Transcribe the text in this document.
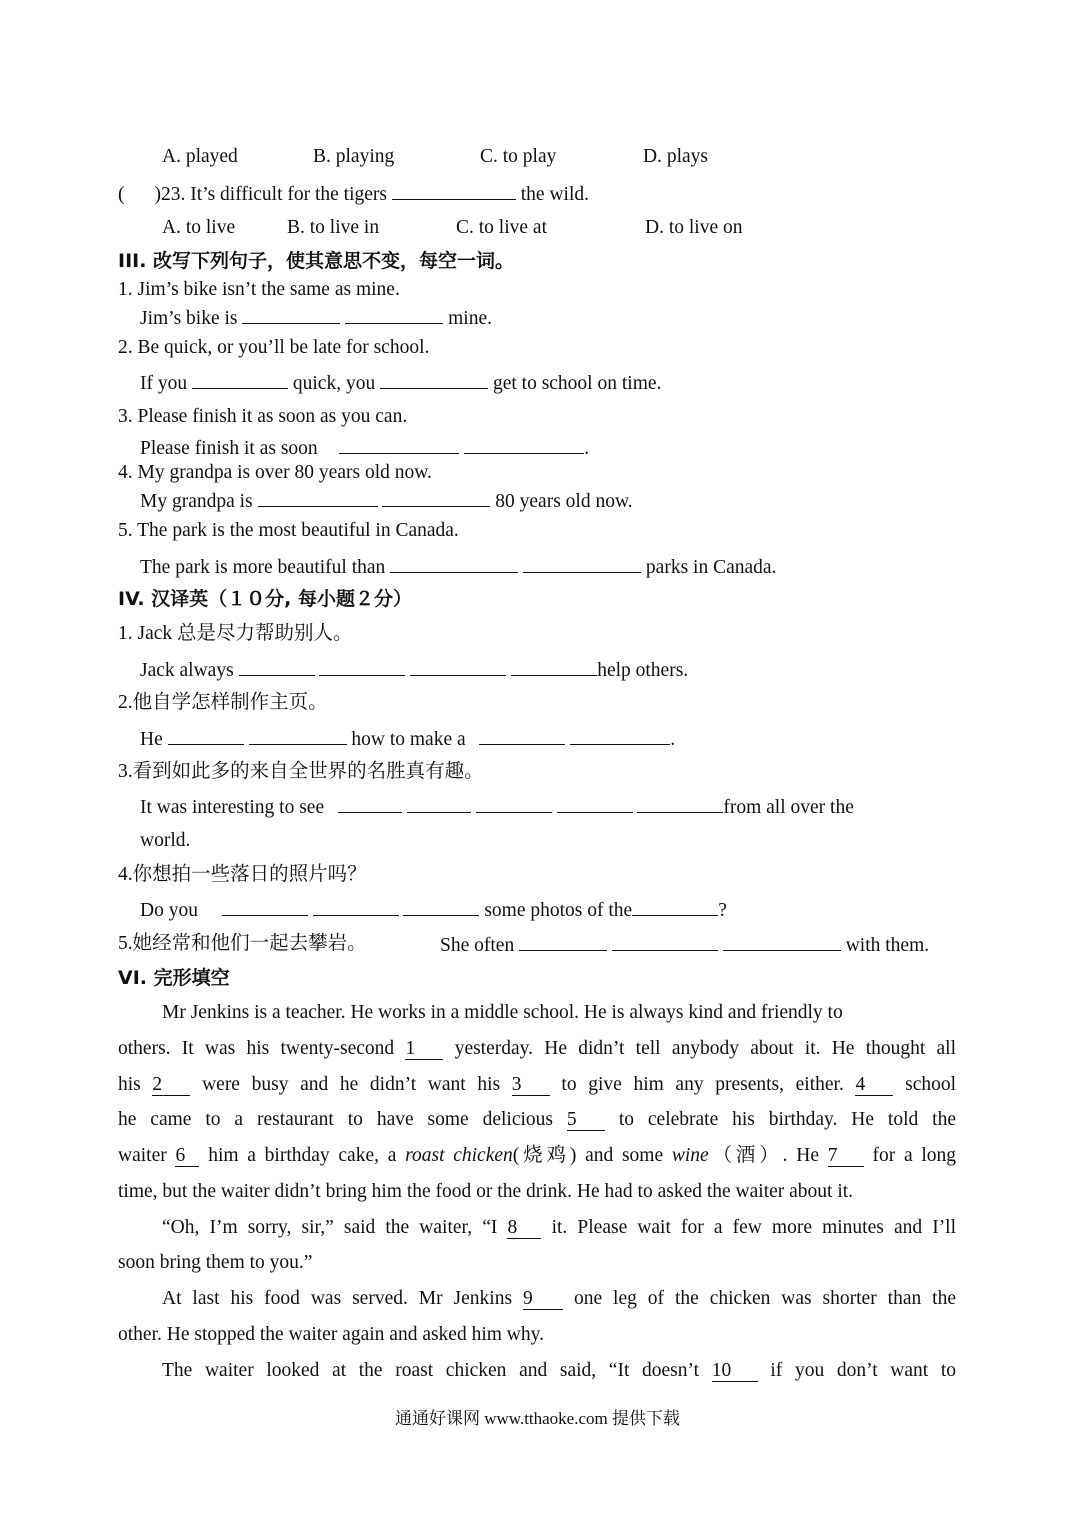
A. played	B. playing	C. to play	D. plays
( )23. It’s difficult for the tigers	the wild.
A. to live	B. to live in	C. to live at	D. to live on
III. 改写下列句子，使其意思不变，每空一词。
1. Jim’s bike isn’t the same as mine.
Jim’s bike is	mine.
2. Be quick, or you’ll be late for school.
If you	quick, you	get to school on time.
3. Please finish it as soon as you can.
Please finish it as soon	.
4. My grandpa is over 80 years old now.
My grandpa is	80 years old now.
5. The park is the most beautiful in Canada.
The park is more beautiful than	parks in Canada.
IV. 汉译英（１０分, 每小题２分）
1. Jack 总是尽力帮助别人。
Jack always	help others.
2.他自学怎样制作主页。
He	how to make a	.
3.看到如此多的来自全世界的名胜真有趣。
It was interesting to see	from all over the
world.
4.你想拍一些落日的照片吗？
Do you	some photos of the	?
5.她经常和他们一起去攀岩。	She often	with them.
VI. 完形填空
Mr Jenkins is a teacher. He works in a middle school. He is always kind and friendly to
others. It was his twenty-second 1 yesterday. He didn’t tell anybody about it. He thought all
his 2 were busy and he didn’t want his 3 to give him any presents, either. 4 school
he came to a restaurant to have some delicious 5 to celebrate his birthday. He told the
waiter 6 him a birthday cake, a roast chicken(烧鸡) and some wine（酒）. He 7 for a long
time, but the waiter didn’t bring him the food or the drink. He had to asked the waiter about it.
“Oh, I’m sorry, sir,” said the waiter, “I 8 it. Please wait for a few more minutes and I’ll
soon bring them to you.”
At last his food was served. Mr Jenkins 9 one leg of the chicken was shorter than the
other. He stopped the waiter again and asked him why.
The waiter looked at the roast chicken and said, “It doesn’t 10 if you don’t want to
通通好课网 www.tthaoke.com 提供下载
